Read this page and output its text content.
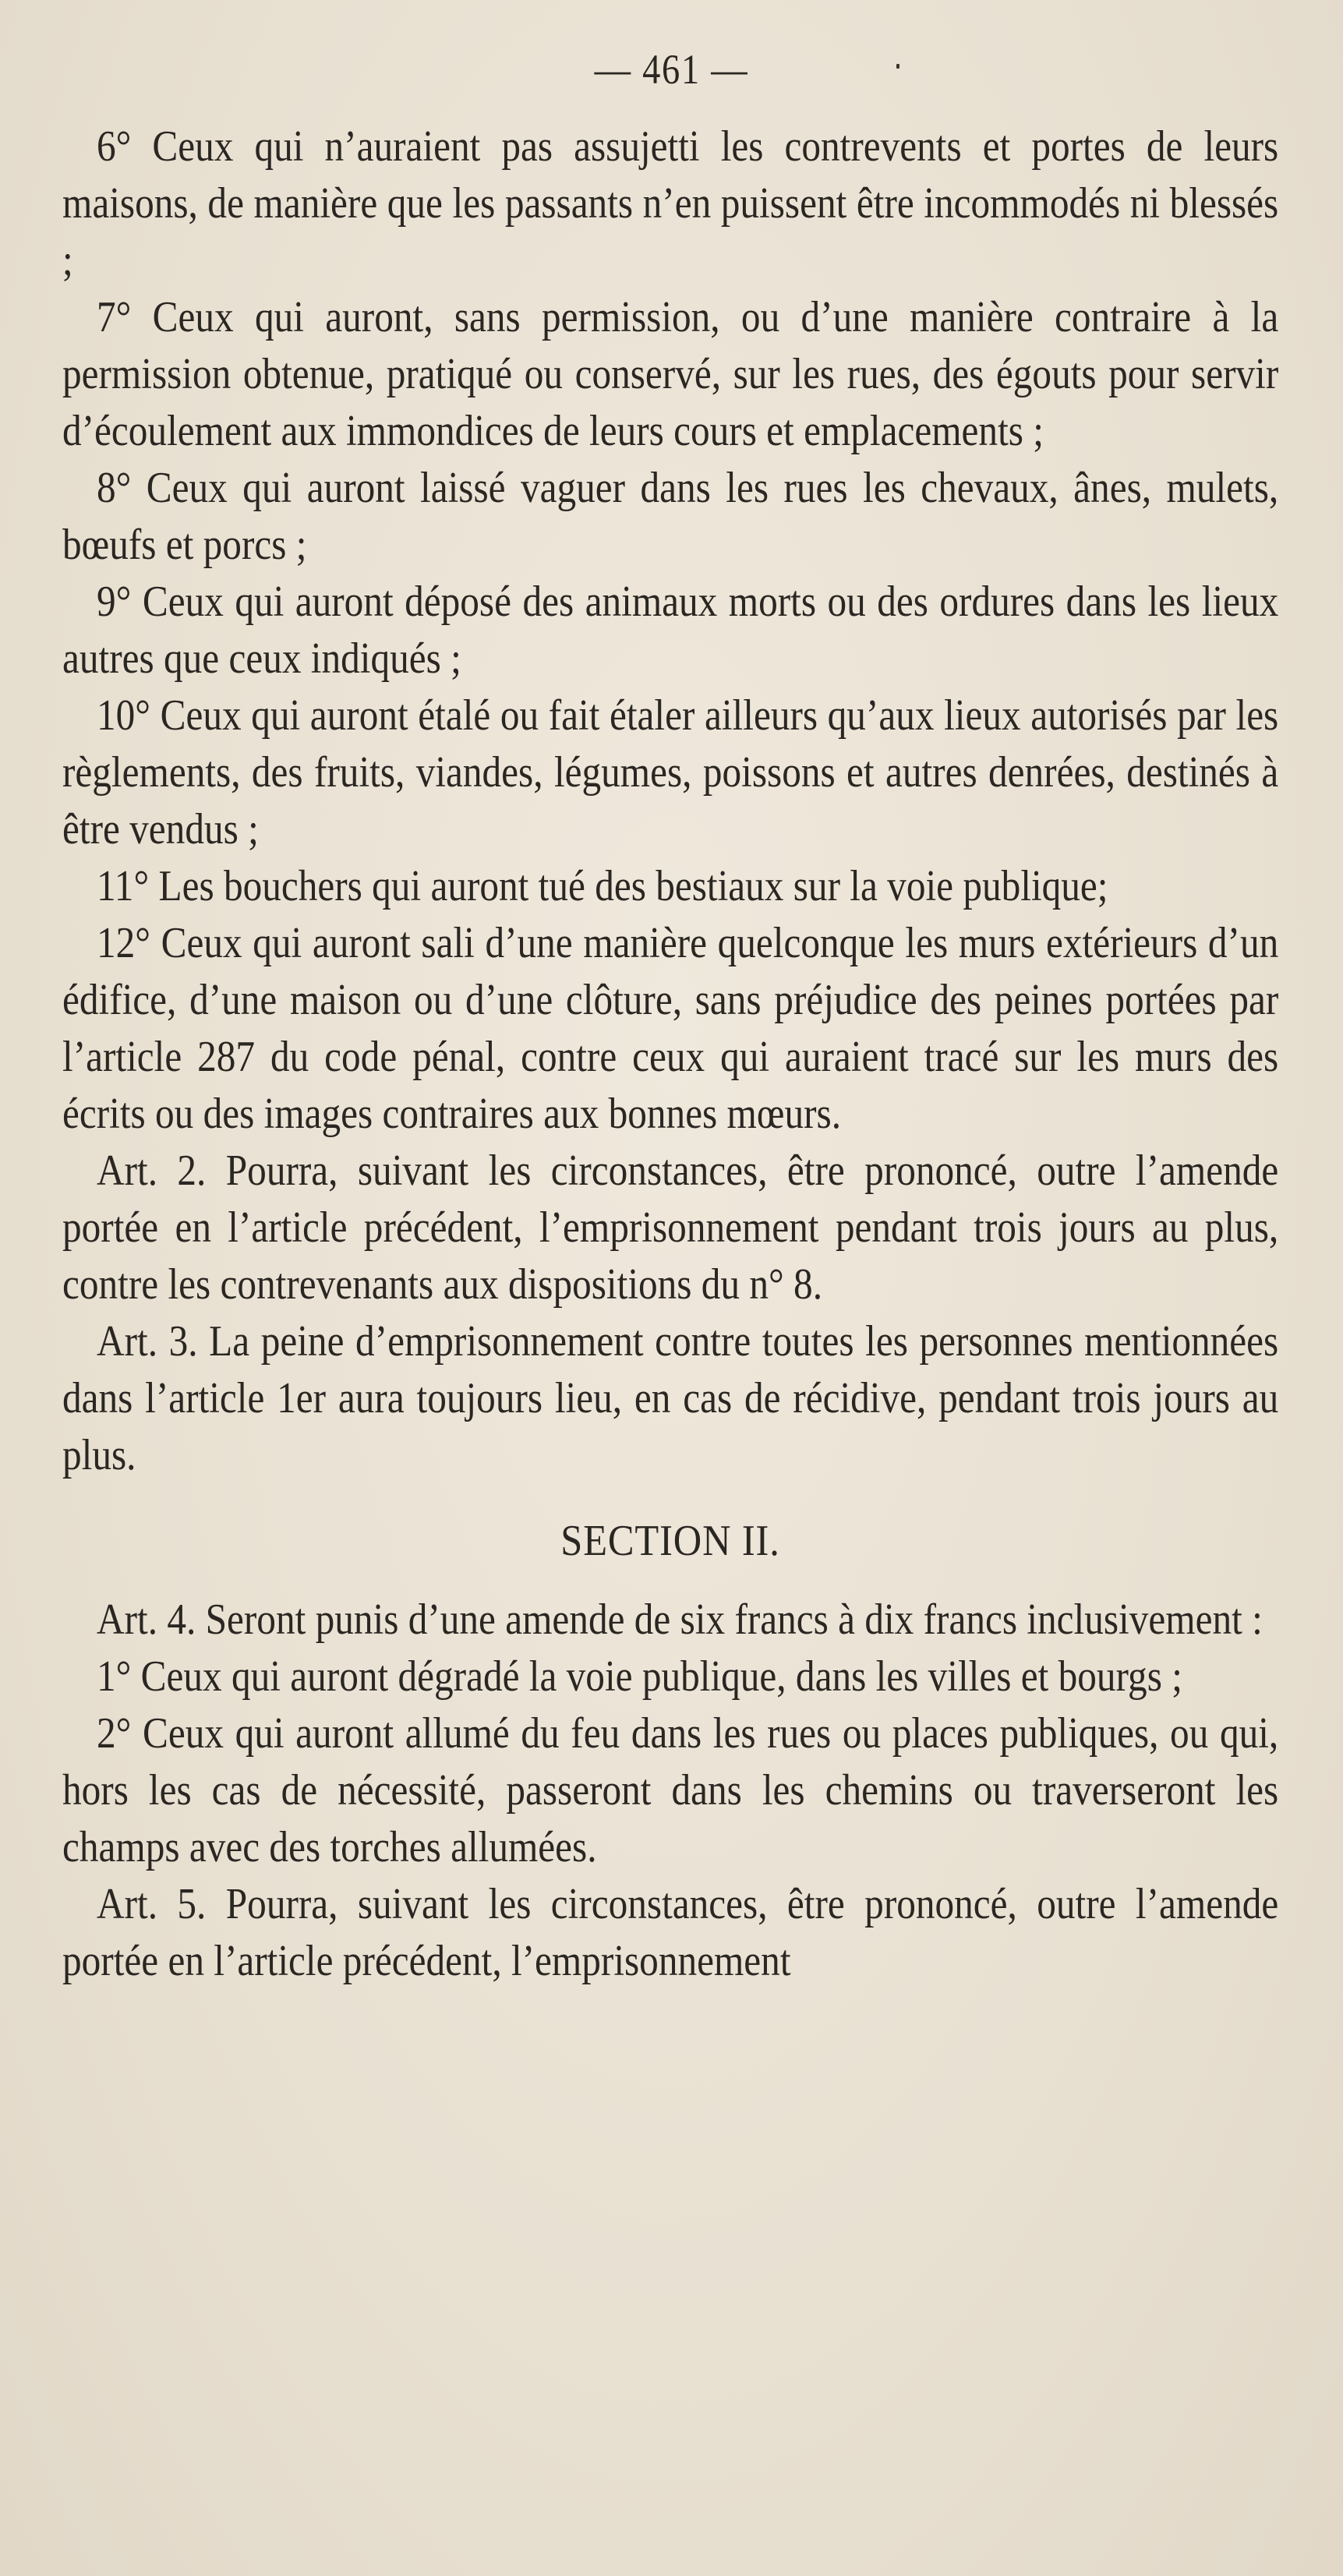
— 461 —

6° Ceux qui n’auraient pas assujetti les contrevents et portes de leurs maisons, de manière que les passants n’en puissent être incommodés ni blessés ;

7° Ceux qui auront, sans permission, ou d’une manière contraire à la permission obtenue, pratiqué ou conservé, sur les rues, des égouts pour servir d’écoulement aux immondices de leurs cours et emplacements ;

8° Ceux qui auront laissé vaguer dans les rues les chevaux, ânes, mulets, bœufs et porcs ;

9° Ceux qui auront déposé des animaux morts ou des ordures dans les lieux autres que ceux indiqués ;

10° Ceux qui auront étalé ou fait étaler ailleurs qu’aux lieux autorisés par les règlements, des fruits, viandes, légumes, poissons et autres denrées, destinés à être vendus ;

11° Les bouchers qui auront tué des bestiaux sur la voie publique;

12° Ceux qui auront sali d’une manière quelconque les murs extérieurs d’un édifice, d’une maison ou d’une clôture, sans préjudice des peines portées par l’article 287 du code pénal, contre ceux qui auraient tracé sur les murs des écrits ou des images contraires aux bonnes mœurs.

Art. 2. Pourra, suivant les circonstances, être prononcé, outre l’amende portée en l’article précédent, l’emprisonnement pendant trois jours au plus, contre les contrevenants aux dispositions du n° 8.

Art. 3. La peine d’emprisonnement contre toutes les personnes mentionnées dans l’article 1er aura toujours lieu, en cas de récidive, pendant trois jours au plus.

SECTION II.

Art. 4. Seront punis d’une amende de six francs à dix francs inclusivement :

1° Ceux qui auront dégradé la voie publique, dans les villes et bourgs ;

2° Ceux qui auront allumé du feu dans les rues ou places publiques, ou qui, hors les cas de nécessité, passeront dans les chemins ou traverseront les champs avec des torches allumées.

Art. 5. Pourra, suivant les circonstances, être prononcé, outre l’amende portée en l’article précédent, l’emprisonnement
